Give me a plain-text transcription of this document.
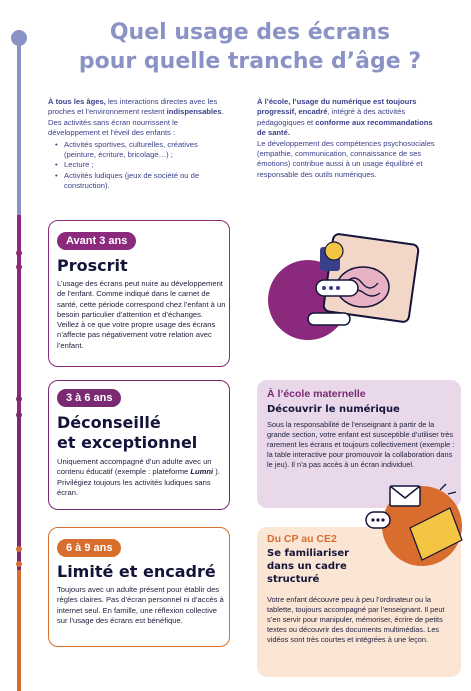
Quel usage des écrans
pour quelle tranche d’âge ?
À tous les âges, les interactions directes avec les proches et l’environnement restent indispensables. Des activités sans écran nourrissent le développement et l’éveil des enfants :
• Activités sportives, culturelles, créatives (peinture, écriture, bricolage…) ;
• Lecture ;
• Activités ludiques (jeux de société ou de construction).
À l’école, l’usage du numérique est toujours progressif, encadré, intégré à des activités pédagogiques et conforme aux recommandations de santé.
Le développement des compétences psychosociales (empathie, communication, connaissance de ses émotions) contribue aussi à un usage équilibré et responsable des outils numériques.
Avant 3 ans
Proscrit
L’usage des écrans peut nuire au développement de l’enfant. Comme indiqué dans le carnet de santé, cette période correspond chez l’enfant à un besoin particulier d’attention et d’échanges. Veillez à ce que votre propre usage des écrans n’affecte pas négativement votre relation avec l’enfant.
3 à 6 ans
Déconseillé
et exceptionnel
Uniquement accompagné d’un adulte avec un contenu éducatif (exemple : plateforme Lumni ). Privilégiez toujours les activités ludiques sans écran.
À l’école maternelle
Découvrir le numérique
Sous la responsabilité de l’enseignant à partir de la grande section, votre enfant est susceptible d’utiliser très rarement les écrans et toujours collectivement (exemple : la table interactive pour promouvoir la collaboration dans le jeu). Il n’a pas accès à un écran individuel.
6 à 9 ans
Limité et encadré
Toujours avec un adulte présent pour établir des règles claires. Pas d’écran personnel ni d’accès à internet seul. En famille, une réflexion collective sur l’usage des écrans est bénéfique.
Du CP au CE2
Se familiariser
dans un cadre
structuré
Votre enfant découvre peu à peu l’ordinateur ou la tablette, toujours accompagné par l’enseignant. Il peut s’en servir pour manipuler, mémoriser, écrire de petits textes ou découvrir des documents multimédias. Les vidéos sont très courtes et intégrées à une leçon.
